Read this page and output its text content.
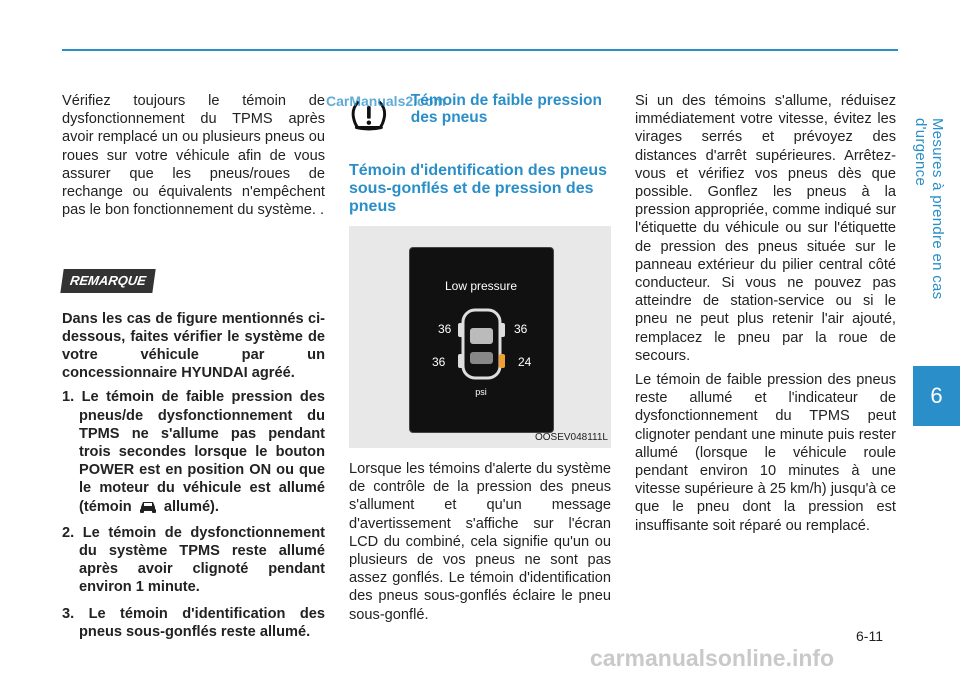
Mesures à prendre en cas d'urgence
6

Vérifiez toujours le témoin de dysfonctionnement du TPMS après avoir remplacé un ou plusieurs pneus ou roues sur votre véhicule afin de vous assurer que les pneus/roues de rechange ou équivalents n'empêchent pas le bon fonctionnement du système. .

REMARQUE

Dans les cas de figure mentionnés ci-dessous, faites vérifier le système de votre véhicule par un concessionnaire HYUNDAI agréé.

1. Le témoin de faible pression des pneus/de dysfonctionnement du TPMS ne s'allume pas pendant trois secondes lorsque le bouton POWER est en position ON ou que le moteur du véhicule est allumé (témoin  allumé).
2. Le témoin de dysfonctionnement du système TPMS reste allumé après avoir clignoté pendant environ 1 minute.
3. Le témoin d'identification des pneus sous-gonflés reste allumé.
Témoin de faible pression des pneus
Témoin d'identification des pneus sous-gonflés et de pression des pneus
Low pressure
36	36
36	24
psi
OOSEV048111L

Lorsque les témoins d'alerte du système de contrôle de la pression des pneus s'allument et qu'un message d'avertissement s'affiche sur l'écran LCD du combiné, cela signifie qu'un ou plusieurs de vos pneus ne sont pas assez gonflés. Le témoin d'identification des pneus sous-gonflés éclaire le pneu sous-gonflé.

Si un des témoins s'allume, réduisez immédiatement votre vitesse, évitez les virages serrés et prévoyez des distances d'arrêt supérieures. Arrêtez-vous et vérifiez vos pneus dès que possible. Gonflez les pneus à la pression appropriée, comme indiqué sur l'étiquette du véhicule ou sur l'étiquette de pression des pneus située sur le panneau extérieur du pilier central côté conducteur. Si vous ne pouvez pas atteindre de station-service ou si le pneu ne peut plus retenir l'air ajouté, remplacez le pneu par la roue de secours.

Le témoin de faible pression des pneus reste allumé et l'indicateur de dysfonctionnement du TPMS peut clignoter pendant une minute puis rester allumé (lorsque le véhicule roule pendant environ 10 minutes à une vitesse supérieure à 25 km/h) jusqu'à ce que le pneu dont la pression est insuffisante soit réparé ou remplacé.

CarManuals2.com
6-11
carmanualsonline.info
